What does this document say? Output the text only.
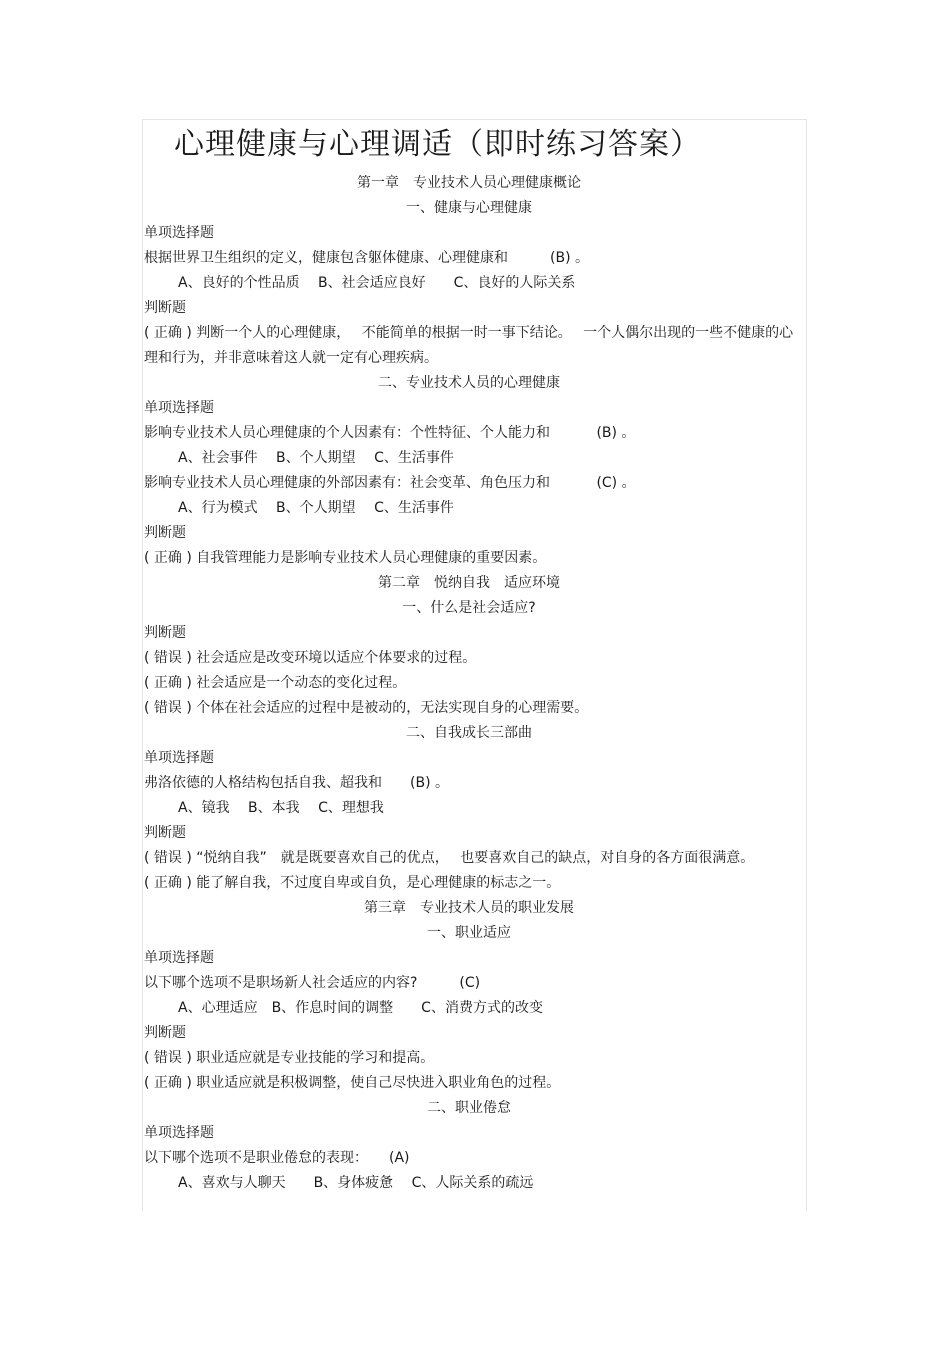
心理健康与心理调适（即时练习答案）
第一章　专业技术人员心理健康概论
一、健康与心理健康
单项选择题
根据世界卫生组织的定义，健康包含躯体健康、心理健康和　　　(B) 。
A、良好的个性品质　 B、社会适应良好　　C、良好的人际关系
判断题
( 正确 ) 判断一个人的心理健康，　 不能简单的根据一时一事下结论。　 一个人偶尔出现的一些不健康的心理和行为，并非意味着这人就一定有心理疾病。
二、专业技术人员的心理健康
单项选择题
影响专业技术人员心理健康的个人因素有：个性特征、个人能力和　　　 (B) 。
A、社会事件　 B、个人期望　 C、生活事件
影响专业技术人员心理健康的外部因素有：社会变革、角色压力和　　　 (C) 。
A、行为模式　 B、个人期望　 C、生活事件
判断题
( 正确 ) 自我管理能力是影响专业技术人员心理健康的重要因素。
第二章　悦纳自我　适应环境
一、什么是社会适应?
判断题
( 错误 ) 社会适应是改变环境以适应个体要求的过程。
( 正确 ) 社会适应是一个动态的变化过程。
( 错误 ) 个体在社会适应的过程中是被动的，无法实现自身的心理需要。
二、自我成长三部曲
单项选择题
弗洛依德的人格结构包括自我、超我和　　(B) 。
A、镜我　 B、本我　 C、理想我
判断题
( 错误 ) “悦纳自我”　就是既要喜欢自己的优点，　 也要喜欢自己的缺点，对自身的各方面很满意。
( 正确 ) 能了解自我，不过度自卑或自负，是心理健康的标志之一。
第三章　专业技术人员的职业发展
一、职业适应
单项选择题
以下哪个选项不是职场新人社会适应的内容?　　　(C)
A、心理适应　B、作息时间的调整　　C、消费方式的改变
判断题
( 错误 ) 职业适应就是专业技能的学习和提高。
( 正确 ) 职业适应就是积极调整，使自己尽快进入职业角色的过程。
二、职业倦怠
单项选择题
以下哪个选项不是职业倦怠的表现：　　(A)
A、喜欢与人聊天　　B、身体疲惫　 C、人际关系的疏远
